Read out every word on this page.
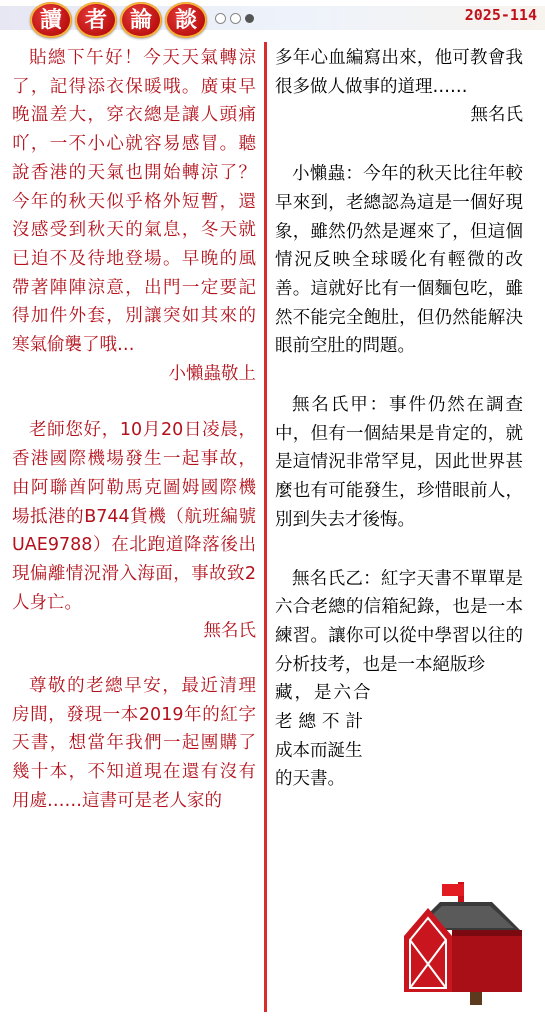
讀	者	論	談	2025-114

貼總下午好！今天天氣轉涼了，記得添衣保暖哦。廣東早晚溫差大，穿衣總是讓人頭痛吖，一不小心就容易感冒。聽說香港的天氣也開始轉涼了？今年的秋天似乎格外短暫，還沒感受到秋天的氣息，冬天就已迫不及待地登場。早晚的風帶著陣陣涼意，出門一定要記得加件外套，別讓突如其來的寒氣偷襲了哦…

小懶蟲敬上

老師您好，10月20日凌晨，香港國際機場發生一起事故，由阿聯酋阿勒馬克圖姆國際機場抵港的B744貨機（航班編號UAE9788）在北跑道降落後出現偏離情況滑入海面，事故致2人身亡。

無名氏

尊敬的老總早安，最近清理房間，發現一本2019年的紅字天書，想當年我們一起團購了幾十本，不知道現在還有沒有用處……這書可是老人家的

多年心血編寫出來，他可教會我很多做人做事的道理……

無名氏

小懶蟲：今年的秋天比往年較早來到，老總認為這是一個好現象，雖然仍然是遲來了，但這個情況反映全球暖化有輕微的改善。這就好比有一個麵包吃，雖然不能完全飽肚，但仍然能解決眼前空肚的問題。

無名氏甲：事件仍然在調查中，但有一個結果是肯定的，就是這情況非常罕見，因此世界甚麼也有可能發生，珍惜眼前人，別到失去才後悔。

無名氏乙：紅字天書不單單是六合老總的信箱紀錄，也是一本練習。讓你可以從中學習以往的分析技考，也是一本絕版珍

藏，是六合

老總不計

成本而誕生

的天書。
